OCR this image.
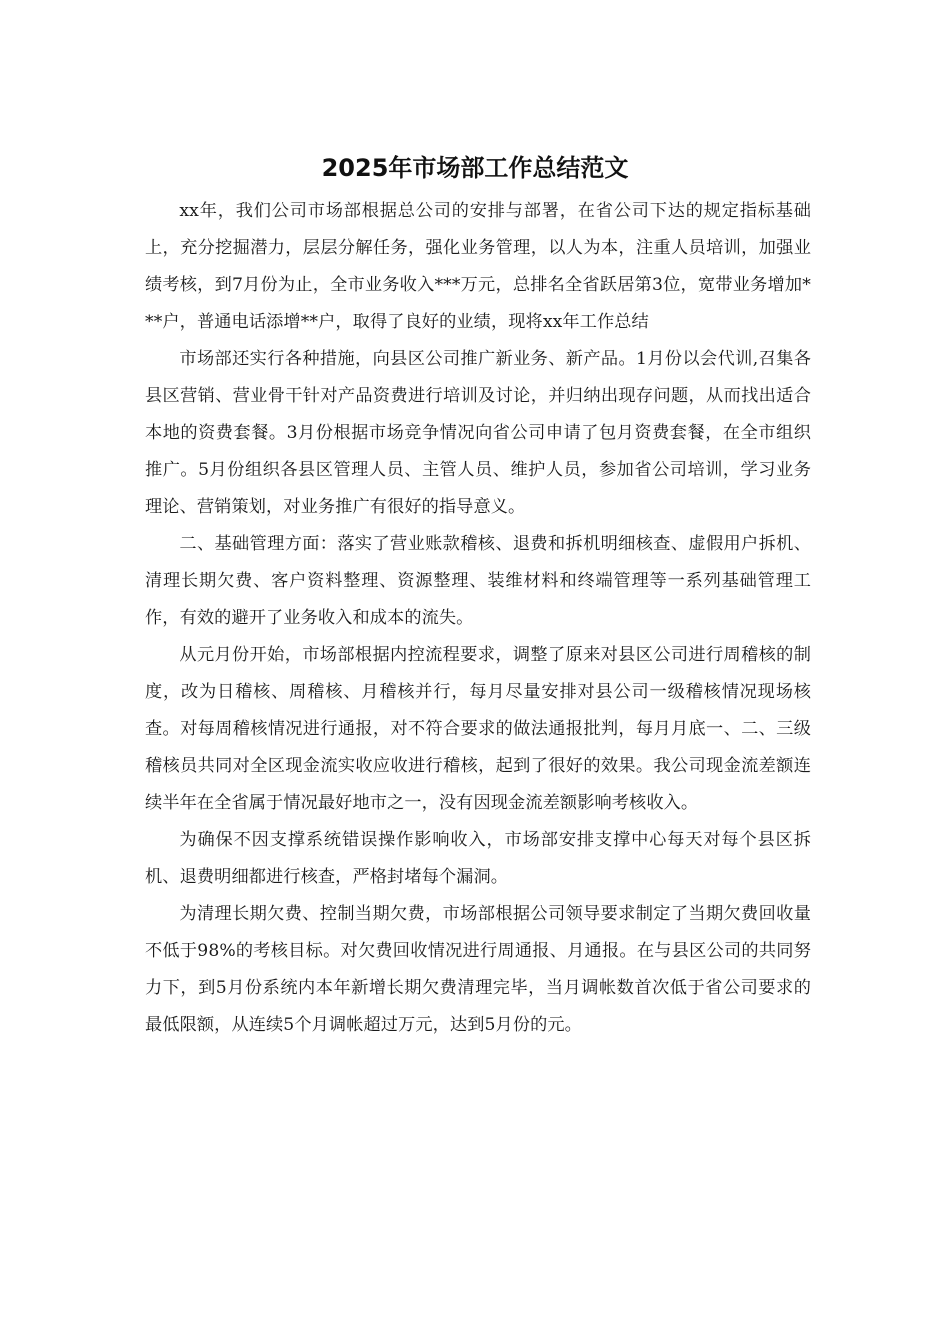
2025年市场部工作总结范文

xx年，我们公司市场部根据总公司的安排与部署，在省公司下达的规定指标基础上，充分挖掘潜力，层层分解任务，强化业务管理，以人为本，注重人员培训，加强业绩考核，到7月份为止，全市业务收入***万元，总排名全省跃居第3位，宽带业务增加***户，普通电话添增**户，取得了良好的业绩，现将xx年工作总结

市场部还实行各种措施，向县区公司推广新业务、新产品。1月份以会代训,召集各县区营销、营业骨干针对产品资费进行培训及讨论，并归纳出现存问题，从而找出适合本地的资费套餐。3月份根据市场竞争情况向省公司申请了包月资费套餐，在全市组织推广。5月份组织各县区管理人员、主管人员、维护人员，参加省公司培训，学习业务理论、营销策划，对业务推广有很好的指导意义。

二、基础管理方面：落实了营业账款稽核、退费和拆机明细核查、虚假用户拆机、清理长期欠费、客户资料整理、资源整理、装维材料和终端管理等一系列基础管理工作，有效的避开了业务收入和成本的流失。

从元月份开始，市场部根据内控流程要求，调整了原来对县区公司进行周稽核的制度，改为日稽核、周稽核、月稽核并行，每月尽量安排对县公司一级稽核情况现场核查。对每周稽核情况进行通报，对不符合要求的做法通报批判，每月月底一、二、三级稽核员共同对全区现金流实收应收进行稽核，起到了很好的效果。我公司现金流差额连续半年在全省属于情况最好地市之一，没有因现金流差额影响考核收入。

为确保不因支撑系统错误操作影响收入，市场部安排支撑中心每天对每个县区拆机、退费明细都进行核查，严格封堵每个漏洞。

为清理长期欠费、控制当期欠费，市场部根据公司领导要求制定了当期欠费回收量不低于98%的考核目标。对欠费回收情况进行周通报、月通报。在与县区公司的共同努力下，到5月份系统内本年新增长期欠费清理完毕，当月调帐数首次低于省公司要求的最低限额，从连续5个月调帐超过万元，达到5月份的元。
